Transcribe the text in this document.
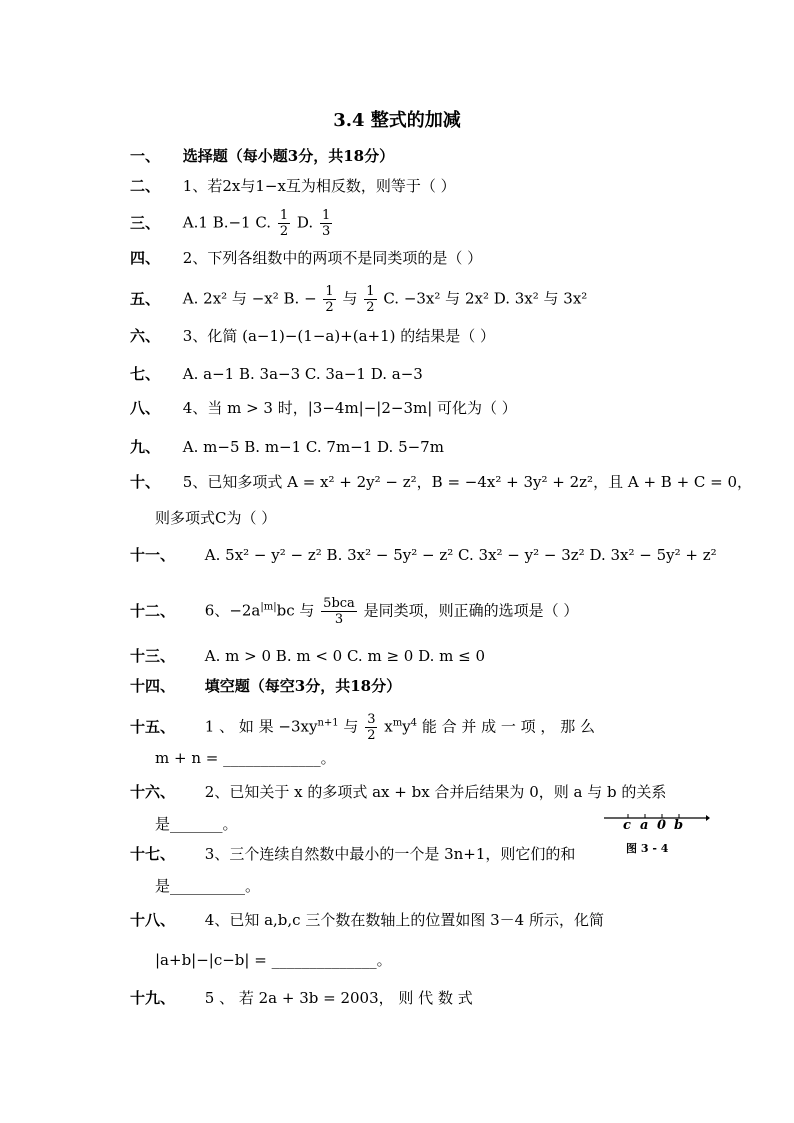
3.4 整式的加减
一、 选择题（每小题3分，共18分）
二、 1、若2x与1−x互为相反数，则等于（ ）
三、 A.1 B.−1 C. $\frac{1}{2} D$. $\frac{1}{3}$
四、 2、下列各组数中的两项不是同类项的是（ ）
五、 A. 2x² 与 −x² B. − $\frac{1}{2}$ 与 $\frac{1}{2} C$. −3x² 与 2x² D. 3x² 与 3x²
六、 3、化简 (a−1)−(1−a)+(a+1) 的结果是（ ）
七、 A. a−1 B. 3a−3 C. 3a−1 D. a−3
八、 4、当 m > 3 时，|3−4m|−|2−3m| 可化为（ ）
九、 A. m−5 B. m−1 C. 7m−1 D. 5−7m
十、 5、已知多项式 A = x² + 2y² − z²，B = −4x² + 3y² + 2z²，且 A + B + C = 0，
则多项式C为（ ）
十一、 A. 5x² − y² − z² B. 3x² − 5y² − z² C. 3x² − y² − 3z² D. 3x² − 5y² + z²
十二、 6、$-2a^{|m|}bc$ 与 $\frac{\text{5bca}}{3}$ 是同类项，则正确的选项是（ ）
十三、 A. m > 0 B. m < 0 C. m ≥ 0 D. m ≤ 0
十四、 填空题（每空3分，共18分）
十五、 1 、 如 果 $-3xy^{n+1}$ 与 $\frac{3}{2} x^my^4$ 能 合 并 成 一 项 ， 那 么
m + n = _____________。
十六、 2、已知关于 x 的多项式 ax + bx 合并后结果为 0，则 a 与 b 的关系
是_______。
十七、 3、三个连续自然数中最小的一个是 3n+1，则它们的和
是__________。
十八、 4、已知 a,b,c 三个数在数轴上的位置如图 3－4 所示，化简
|a+b|−|c−b| = ______________。
十九、 5 、 若 2a + 3b = 2003， 则 代 数 式
c a 0 b
图 3 - 4
